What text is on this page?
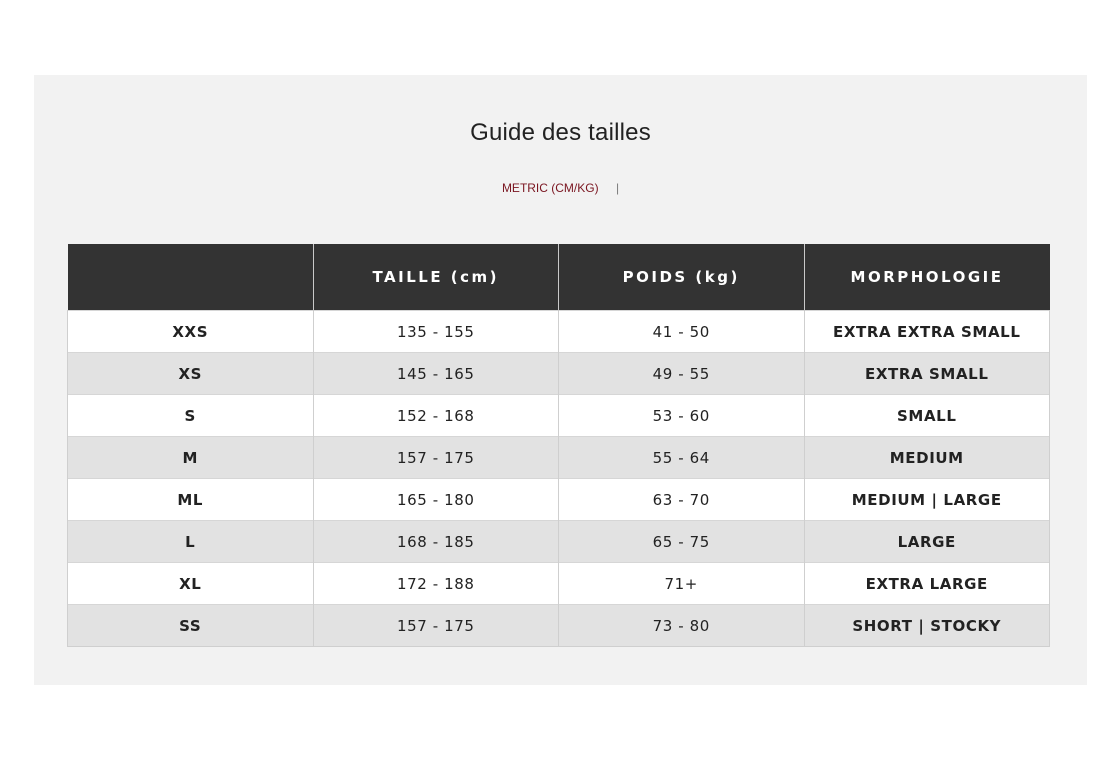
Guide des tailles
METRIC (CM/KG) |
	TAILLE (cm)	POIDS (kg)	MORPHOLOGIE
XXS	135 - 155	41 - 50	EXTRA EXTRA SMALL
XS	145 - 165	49 - 55	EXTRA SMALL
S	152 - 168	53 - 60	SMALL
M	157 - 175	55 - 64	MEDIUM
ML	165 - 180	63 - 70	MEDIUM | LARGE
L	168 - 185	65 - 75	LARGE
XL	172 - 188	71+	EXTRA LARGE
SS	157 - 175	73 - 80	SHORT | STOCKY
